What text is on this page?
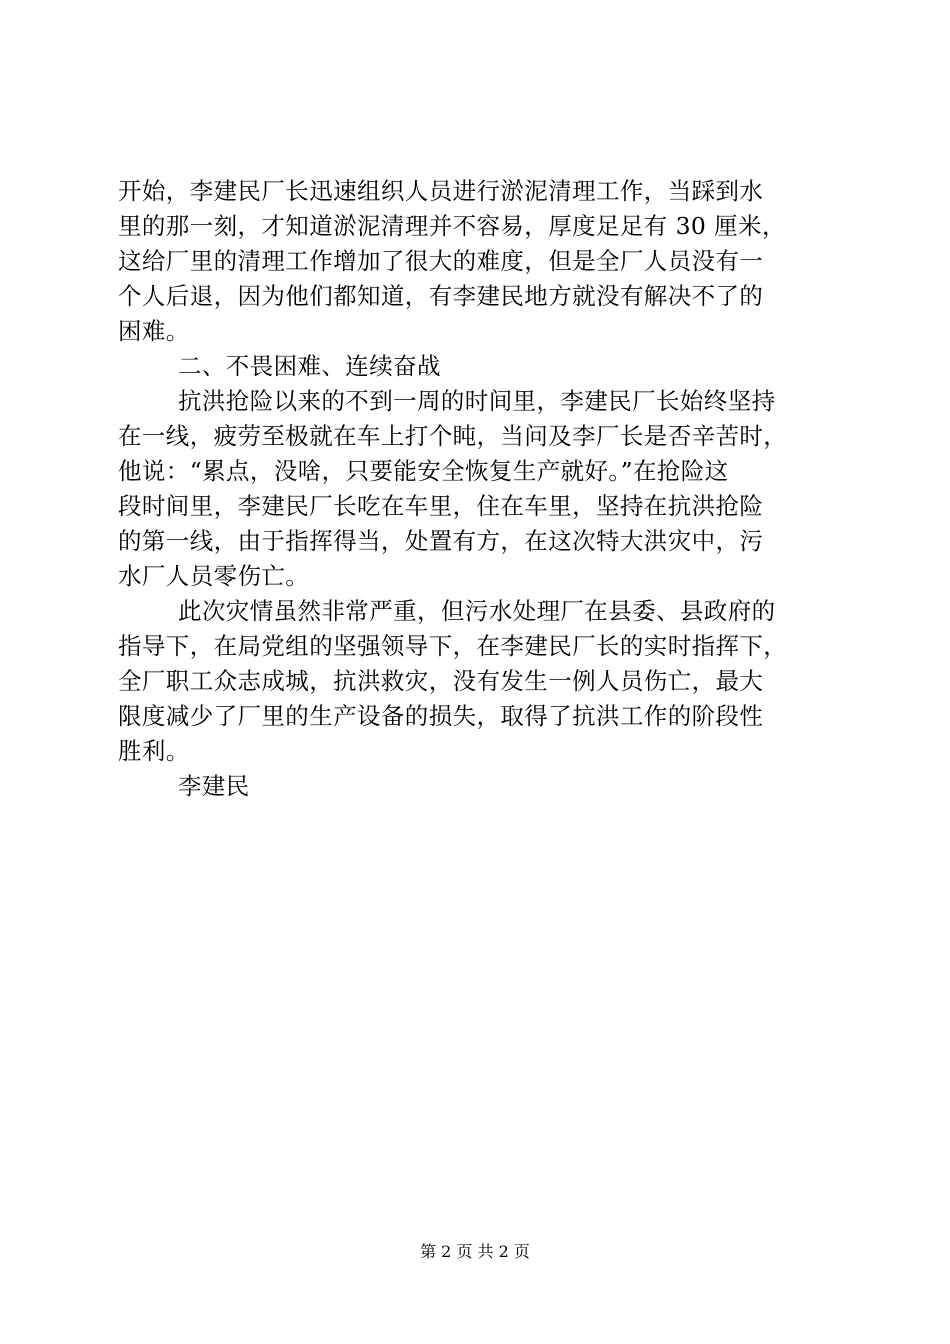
开始，李建民厂长迅速组织人员进行淤泥清理工作，当踩到水
里的那一刻，才知道淤泥清理并不容易，厚度足足有 30 厘米，
这给厂里的清理工作增加了很大的难度，但是全厂人员没有一
个人后退，因为他们都知道，有李建民地方就没有解决不了的
困难。
二、不畏困难、连续奋战
抗洪抢险以来的不到一周的时间里，李建民厂长始终坚持
在一线，疲劳至极就在车上打个盹，当问及李厂长是否辛苦时，
他说：“累点，没啥，只要能安全恢复生产就好。”在抢险这
段时间里，李建民厂长吃在车里，住在车里，坚持在抗洪抢险
的第一线，由于指挥得当，处置有方，在这次特大洪灾中，污
水厂人员零伤亡。
此次灾情虽然非常严重，但污水处理厂在县委、县政府的
指导下，在局党组的坚强领导下，在李建民厂长的实时指挥下，
全厂职工众志成城，抗洪救灾，没有发生一例人员伤亡，最大
限度减少了厂里的生产设备的损失，取得了抗洪工作的阶段性
胜利。
李建民
第 2 页 共 2 页
